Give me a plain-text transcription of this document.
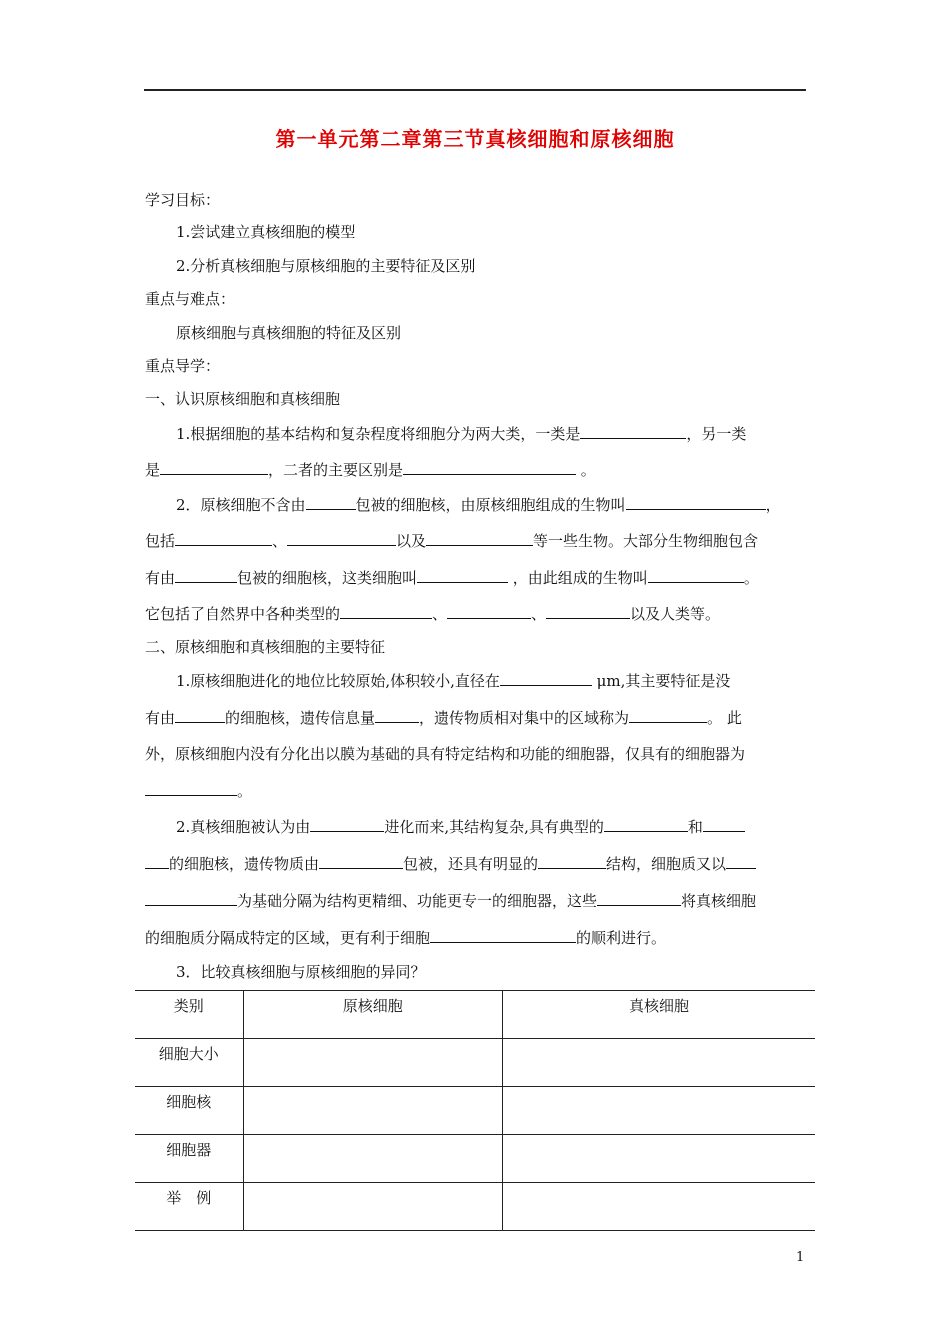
第一单元第二章第三节真核细胞和原核细胞
学习目标：
1.尝试建立真核细胞的模型
2.分析真核细胞与原核细胞的主要特征及区别
重点与难点：
原核细胞与真核细胞的特征及区别
重点导学：
一、认识原核细胞和真核细胞
1.根据细胞的基本结构和复杂程度将细胞分为两大类，一类是	，另一类
是	，二者的主要区别是	。
2．原核细胞不含由	包被的细胞核，由原核细胞组成的生物叫	，
包括	、	以及	等一些生物。大部分生物细胞包含
有由	包被的细胞核，这类细胞叫	，由此组成的生物叫	。
它包括了自然界中各种类型的	、	、	以及人类等。
二、原核细胞和真核细胞的主要特征
1.原核细胞进化的地位比较原始,体积较小,直径在	μm,其主要特征是没
有由	的细胞核，遗传信息量	，遗传物质相对集中的区域称为	。 此
外，原核细胞内没有分化出以膜为基础的具有特定结构和功能的细胞器，仅具有的细胞器为
。
2.真核细胞被认为由	进化而来,其结构复杂,具有典型的	和
的细胞核，遗传物质由	包被，还具有明显的	结构，细胞质又以
为基础分隔为结构更精细、功能更专一的细胞器，这些	将真核细胞
的细胞质分隔成特定的区域，更有利于细胞	的顺利进行。
3．比较真核细胞与原核细胞的异同？
类别	原核细胞	真核细胞
细胞大小		
细胞核		
细胞器		
举　例		
1
